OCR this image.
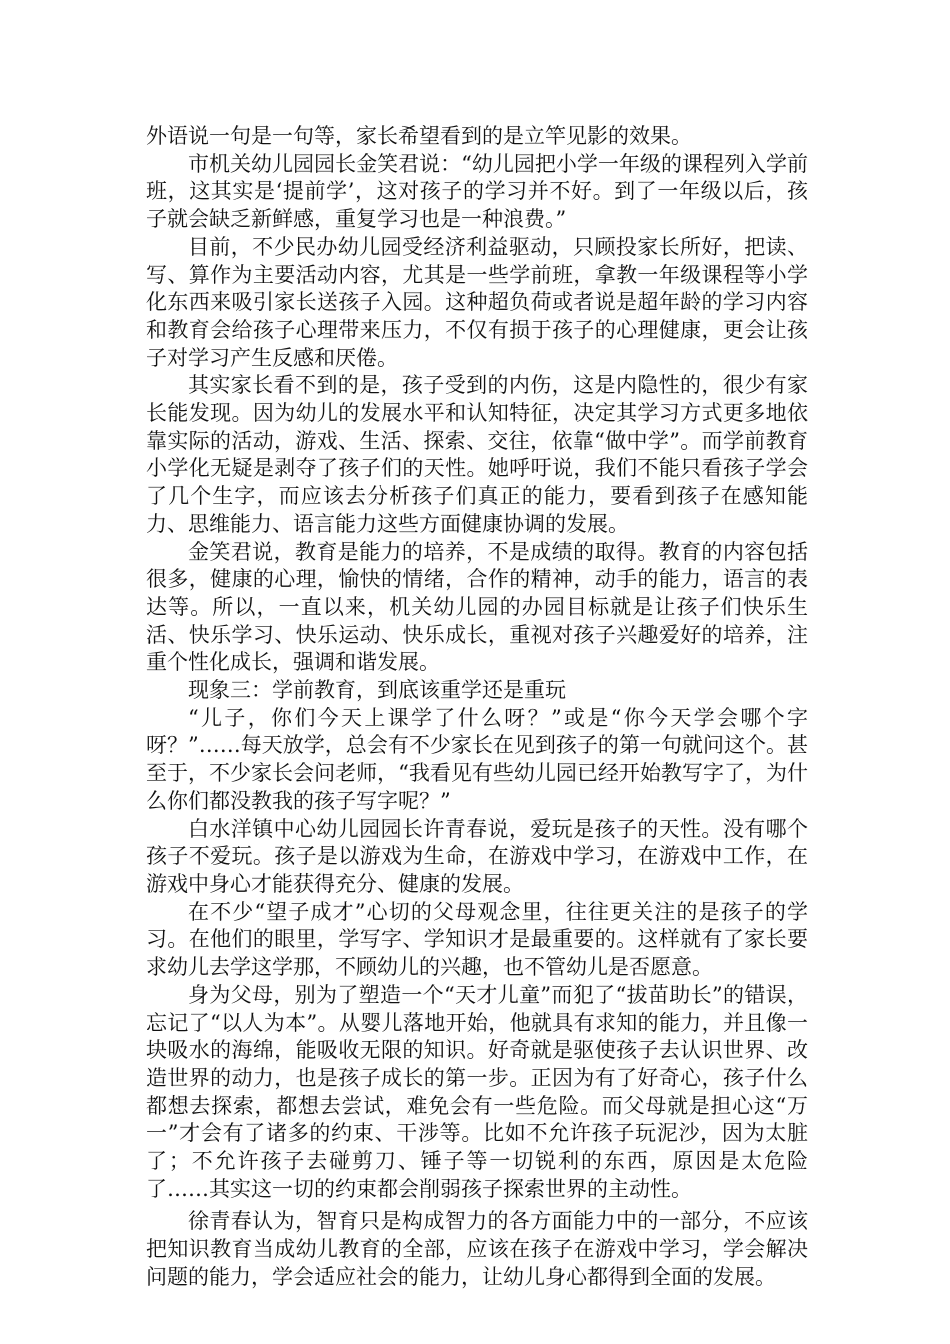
外语说一句是一句等，家长希望看到的是立竿见影的效果。

市机关幼儿园园长金笑君说：“幼儿园把小学一年级的课程列入学前班，这其实是‘提前学’，这对孩子的学习并不好。到了一年级以后，孩子就会缺乏新鲜感，重复学习也是一种浪费。”

目前，不少民办幼儿园受经济利益驱动，只顾投家长所好，把读、写、算作为主要活动内容，尤其是一些学前班，拿教一年级课程等小学化东西来吸引家长送孩子入园。这种超负荷或者说是超年龄的学习内容和教育会给孩子心理带来压力，不仅有损于孩子的心理健康，更会让孩子对学习产生反感和厌倦。

其实家长看不到的是，孩子受到的内伤，这是内隐性的，很少有家长能发现。因为幼儿的发展水平和认知特征，决定其学习方式更多地依靠实际的活动，游戏、生活、探索、交往，依靠“做中学”。而学前教育小学化无疑是剥夺了孩子们的天性。她呼吁说，我们不能只看孩子学会了几个生字，而应该去分析孩子们真正的能力，要看到孩子在感知能力、思维能力、语言能力这些方面健康协调的发展。

金笑君说，教育是能力的培养，不是成绩的取得。教育的内容包括很多，健康的心理，愉快的情绪，合作的精神，动手的能力，语言的表达等。所以，一直以来，机关幼儿园的办园目标就是让孩子们快乐生活、快乐学习、快乐运动、快乐成长，重视对孩子兴趣爱好的培养，注重个性化成长，强调和谐发展。

现象三：学前教育，到底该重学还是重玩

“儿子，你们今天上课学了什么呀？”或是“你今天学会哪个字呀？”……每天放学，总会有不少家长在见到孩子的第一句就问这个。甚至于，不少家长会问老师，“我看见有些幼儿园已经开始教写字了，为什么你们都没教我的孩子写字呢？”

白水洋镇中心幼儿园园长许青春说，爱玩是孩子的天性。没有哪个孩子不爱玩。孩子是以游戏为生命，在游戏中学习，在游戏中工作，在游戏中身心才能获得充分、健康的发展。

在不少“望子成才”心切的父母观念里，往往更关注的是孩子的学习。在他们的眼里，学写字、学知识才是最重要的。这样就有了家长要求幼儿去学这学那，不顾幼儿的兴趣，也不管幼儿是否愿意。

身为父母，别为了塑造一个“天才儿童”而犯了“拔苗助长”的错误，忘记了“以人为本”。从婴儿落地开始，他就具有求知的能力，并且像一块吸水的海绵，能吸收无限的知识。好奇就是驱使孩子去认识世界、改造世界的动力，也是孩子成长的第一步。正因为有了好奇心，孩子什么都想去探索，都想去尝试，难免会有一些危险。而父母就是担心这“万一”才会有了诸多的约束、干涉等。比如不允许孩子玩泥沙，因为太脏了；不允许孩子去碰剪刀、锤子等一切锐利的东西，原因是太危险了……其实这一切的约束都会削弱孩子探索世界的主动性。

徐青春认为，智育只是构成智力的各方面能力中的一部分，不应该把知识教育当成幼儿教育的全部，应该在孩子在游戏中学习，学会解决问题的能力，学会适应社会的能力，让幼儿身心都得到全面的发展。
